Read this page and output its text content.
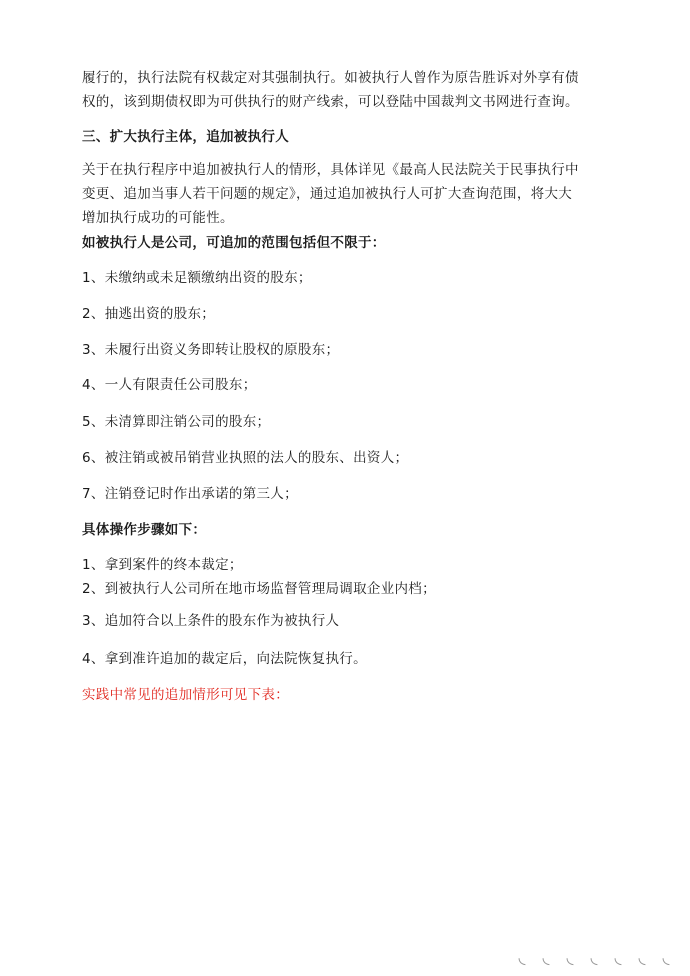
履行的，执行法院有权裁定对其强制执行。如被执行人曾作为原告胜诉对外享有债
权的，该到期债权即为可供执行的财产线索，可以登陆中国裁判文书网进行查询。
三、扩大执行主体，追加被执行人
关于在执行程序中追加被执行人的情形，具体详见《最高人民法院关于民事执行中
变更、追加当事人若干问题的规定》，通过追加被执行人可扩大查询范围，将大大
增加执行成功的可能性。
如被执行人是公司，可追加的范围包括但不限于：
1、未缴纳或未足额缴纳出资的股东；
2、抽逃出资的股东；
3、未履行出资义务即转让股权的原股东；
4、一人有限责任公司股东；
5、未清算即注销公司的股东；
6、被注销或被吊销营业执照的法人的股东、出资人；
7、注销登记时作出承诺的第三人；
具体操作步骤如下：
1、拿到案件的终本裁定；
2、到被执行人公司所在地市场监督管理局调取企业内档；
3、追加符合以上条件的股东作为被执行人
4、拿到准许追加的裁定后，向法院恢复执行。
实践中常见的追加情形可见下表：
◟ ◟ ◟ ◟ ◟ ◟ ◟
